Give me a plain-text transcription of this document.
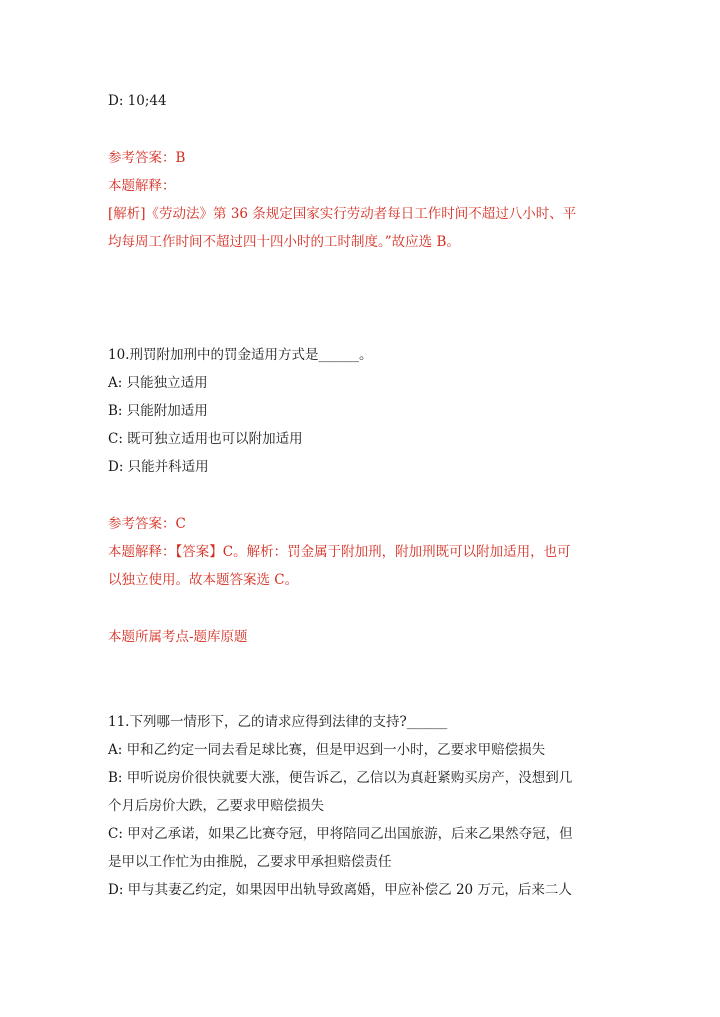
D: 10;44
参考答案：B
本题解释：
[解析]《劳动法》第 36 条规定国家实行劳动者每日工作时间不超过八小时、平
均每周工作时间不超过四十四小时的工时制度。”故应选 B。
10.刑罚附加刑中的罚金适用方式是______。
A: 只能独立适用
B: 只能附加适用
C: 既可独立适用也可以附加适用
D: 只能并科适用
参考答案：C
本题解释：【答案】C。解析：罚金属于附加刑，附加刑既可以附加适用，也可
以独立使用。故本题答案选 C。
本题所属考点-题库原题
11.下列哪一情形下，乙的请求应得到法律的支持?______
A: 甲和乙约定一同去看足球比赛，但是甲迟到一小时，乙要求甲赔偿损失
B: 甲听说房价很快就要大涨，便告诉乙，乙信以为真赶紧购买房产，没想到几
个月后房价大跌，乙要求甲赔偿损失
C: 甲对乙承诺，如果乙比赛夺冠，甲将陪同乙出国旅游，后来乙果然夺冠，但
是甲以工作忙为由推脱，乙要求甲承担赔偿责任
D: 甲与其妻乙约定，如果因甲出轨导致离婚，甲应补偿乙 20 万元，后来二人
